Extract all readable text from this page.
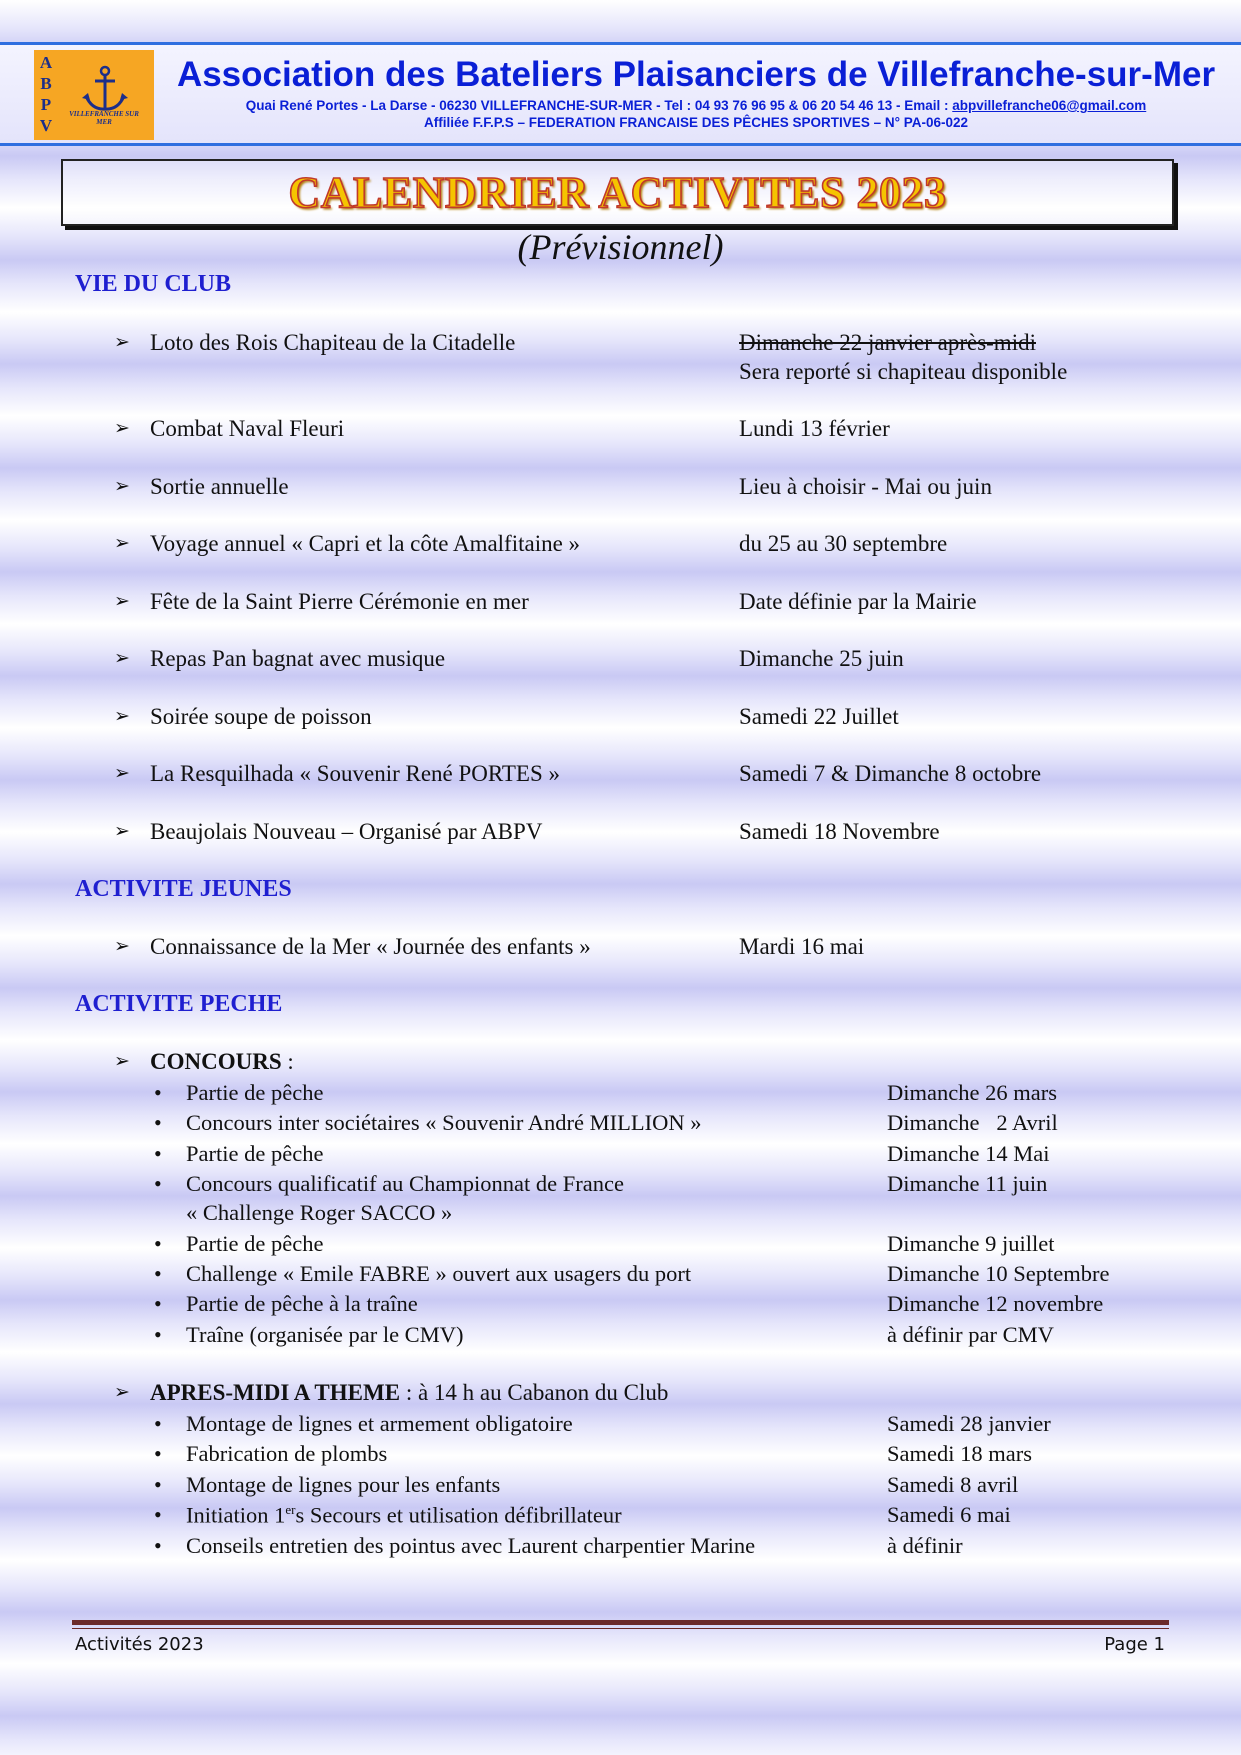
A
B
P
V
VILLEFRANCHE SUR MER
Association des Bateliers Plaisanciers de Villefranche-sur-Mer
Quai René Portes - La Darse - 06230 VILLEFRANCHE-SUR-MER - Tel : 04 93 76 96 95 & 06 20 54 46 13 - Email : abpvillefranche06@gmail.com
Affiliée F.F.P.S – FEDERATION FRANCAISE DES PÊCHES SPORTIVES – N° PA-06-022
CALENDRIER ACTIVITES 2023
(Prévisionnel)
VIE DU CLUB
➢ Loto des Rois Chapiteau de la Citadelle	Dimanche 22 janvier après-midi
Sera reporté si chapiteau disponible
➢ Combat Naval Fleuri	Lundi 13 février
➢ Sortie annuelle	Lieu à choisir - Mai ou juin
➢ Voyage annuel « Capri et la côte Amalfitaine »	du 25 au 30 septembre
➢ Fête de la Saint Pierre Cérémonie en mer	Date définie par la Mairie
➢ Repas Pan bagnat avec musique	Dimanche 25 juin
➢ Soirée soupe de poisson	Samedi 22 Juillet
➢ La Resquilhada « Souvenir René PORTES »	Samedi 7 & Dimanche 8 octobre
➢ Beaujolais Nouveau – Organisé par ABPV	Samedi 18 Novembre
ACTIVITE JEUNES
➢ Connaissance de la Mer « Journée des enfants »	Mardi 16 mai
ACTIVITE PECHE
➢ CONCOURS :
• Partie de pêche	Dimanche 26 mars
• Concours inter sociétaires « Souvenir André MILLION »	Dimanche   2 Avril
• Partie de pêche	Dimanche 14 Mai
• Concours qualificatif au Championnat de France	Dimanche 11 juin
« Challenge Roger SACCO »
• Partie de pêche	Dimanche 9 juillet
• Challenge « Emile FABRE » ouvert aux usagers du port	Dimanche 10 Septembre
• Partie de pêche à la traîne	Dimanche 12 novembre
• Traîne (organisée par le CMV)	à définir par CMV
➢ APRES-MIDI A THEME : à 14 h au Cabanon du Club
• Montage de lignes et armement obligatoire	Samedi 28 janvier
• Fabrication de plombs	Samedi 18 mars
• Montage de lignes pour les enfants	Samedi 8 avril
• Initiation 1ers Secours et utilisation défibrillateur	Samedi 6 mai
• Conseils entretien des pointus avec Laurent charpentier Marine	à définir
Activités 2023	Page 1
